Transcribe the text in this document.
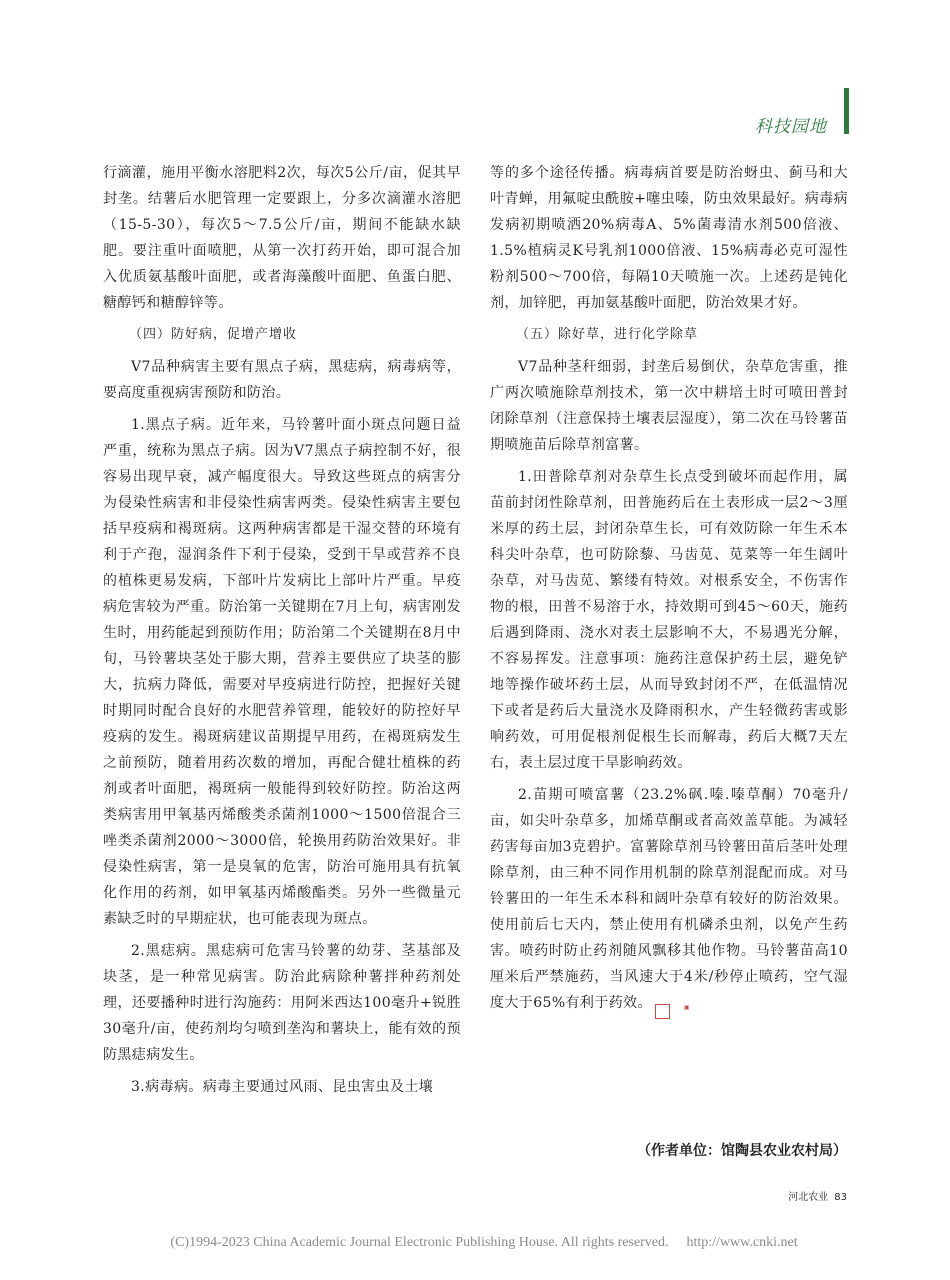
科技园地

行滴灌，施用平衡水溶肥料2次，每次5公斤/亩，促其早封垄。结薯后水肥管理一定要跟上，分多次滴灌水溶肥（15-5-30），每次5～7.5公斤/亩，期间不能缺水缺肥。要注重叶面喷肥，从第一次打药开始，即可混合加入优质氨基酸叶面肥，或者海藻酸叶面肥、鱼蛋白肥、糖醇钙和糖醇锌等。

（四）防好病，促增产增收

V7品种病害主要有黑点子病，黑痣病，病毒病等，要高度重视病害预防和防治。

1.黑点子病。近年来，马铃薯叶面小斑点问题日益严重，统称为黑点子病。因为V7黑点子病控制不好，很容易出现早衰，减产幅度很大。导致这些斑点的病害分为侵染性病害和非侵染性病害两类。侵染性病害主要包括早疫病和褐斑病。这两种病害都是干湿交替的环境有利于产孢，湿润条件下利于侵染，受到干旱或营养不良的植株更易发病，下部叶片发病比上部叶片严重。早疫病危害较为严重。防治第一关键期在7月上旬，病害刚发生时，用药能起到预防作用；防治第二个关键期在8月中旬，马铃薯块茎处于膨大期，营养主要供应了块茎的膨大，抗病力降低，需要对早疫病进行防控，把握好关键时期同时配合良好的水肥营养管理，能较好的防控好早疫病的发生。褐斑病建议苗期提早用药，在褐斑病发生之前预防，随着用药次数的增加，再配合健壮植株的药剂或者叶面肥，褐斑病一般能得到较好防控。防治这两类病害用甲氧基丙烯酸类杀菌剂1000～1500倍混合三唑类杀菌剂2000～3000倍，轮换用药防治效果好。非侵染性病害，第一是臭氧的危害，防治可施用具有抗氧化作用的药剂，如甲氧基丙烯酸酯类。另外一些微量元素缺乏时的早期症状，也可能表现为斑点。

2.黑痣病。黑痣病可危害马铃薯的幼芽、茎基部及块茎，是一种常见病害。防治此病除种薯拌种药剂处理，还要播种时进行沟施药：用阿米西达100毫升+锐胜30毫升/亩，使药剂均匀喷到垄沟和薯块上，能有效的预防黑痣病发生。

3.病毒病。病毒主要通过风雨、昆虫害虫及土壤

等的多个途径传播。病毒病首要是防治蚜虫、蓟马和大叶青蝉，用氟啶虫酰胺+噻虫嗪，防虫效果最好。病毒病发病初期喷洒20%病毒A、5%菌毒清水剂500倍液、1.5%植病灵K号乳剂1000倍液、15%病毒必克可湿性粉剂500～700倍，每隔10天喷施一次。上述药是钝化剂，加锌肥，再加氨基酸叶面肥，防治效果才好。

（五）除好草，进行化学除草

V7品种茎秆细弱，封垄后易倒伏，杂草危害重，推广两次喷施除草剂技术，第一次中耕培土时可喷田普封闭除草剂（注意保持土壤表层湿度），第二次在马铃薯苗期喷施苗后除草剂富薯。

1.田普除草剂对杂草生长点受到破坏而起作用，属苗前封闭性除草剂，田普施药后在土表形成一层2～3厘米厚的药土层，封闭杂草生长，可有效防除一年生禾本科尖叶杂草，也可防除藜、马齿苋、苋菜等一年生阔叶杂草，对马齿苋、繁缕有特效。对根系安全，不伤害作物的根，田普不易溶于水，持效期可到45～60天，施药后遇到降雨、浇水对表土层影响不大，不易遇光分解，不容易挥发。注意事项：施药注意保护药土层，避免铲地等操作破坏药土层，从而导致封闭不严，在低温情况下或者是药后大量浇水及降雨积水，产生轻微药害或影响药效，可用促根剂促根生长而解毒，药后大概7天左右，表土层过度干旱影响药效。

2.苗期可喷富薯（23.2%砜.嗪.嗪草酮）70毫升/亩，如尖叶杂草多，加烯草酮或者高效盖草能。为减轻药害每亩加3克碧护。富薯除草剂马铃薯田苗后茎叶处理除草剂，由三种不同作用机制的除草剂混配而成。对马铃薯田的一年生禾本科和阔叶杂草有较好的防治效果。使用前后七天内，禁止使用有机磷杀虫剂，以免产生药害。喷药时防止药剂随风飘移其他作物。马铃薯苗高10厘米后严禁施药，当风速大于4米/秒停止喷药，空气湿度大于65%有利于药效。	▣

（作者单位：馆陶县农业农村局）

河北农业 83

(C)1994-2023 China Academic Journal Electronic Publishing House. All rights reserved. http://www.cnki.net
